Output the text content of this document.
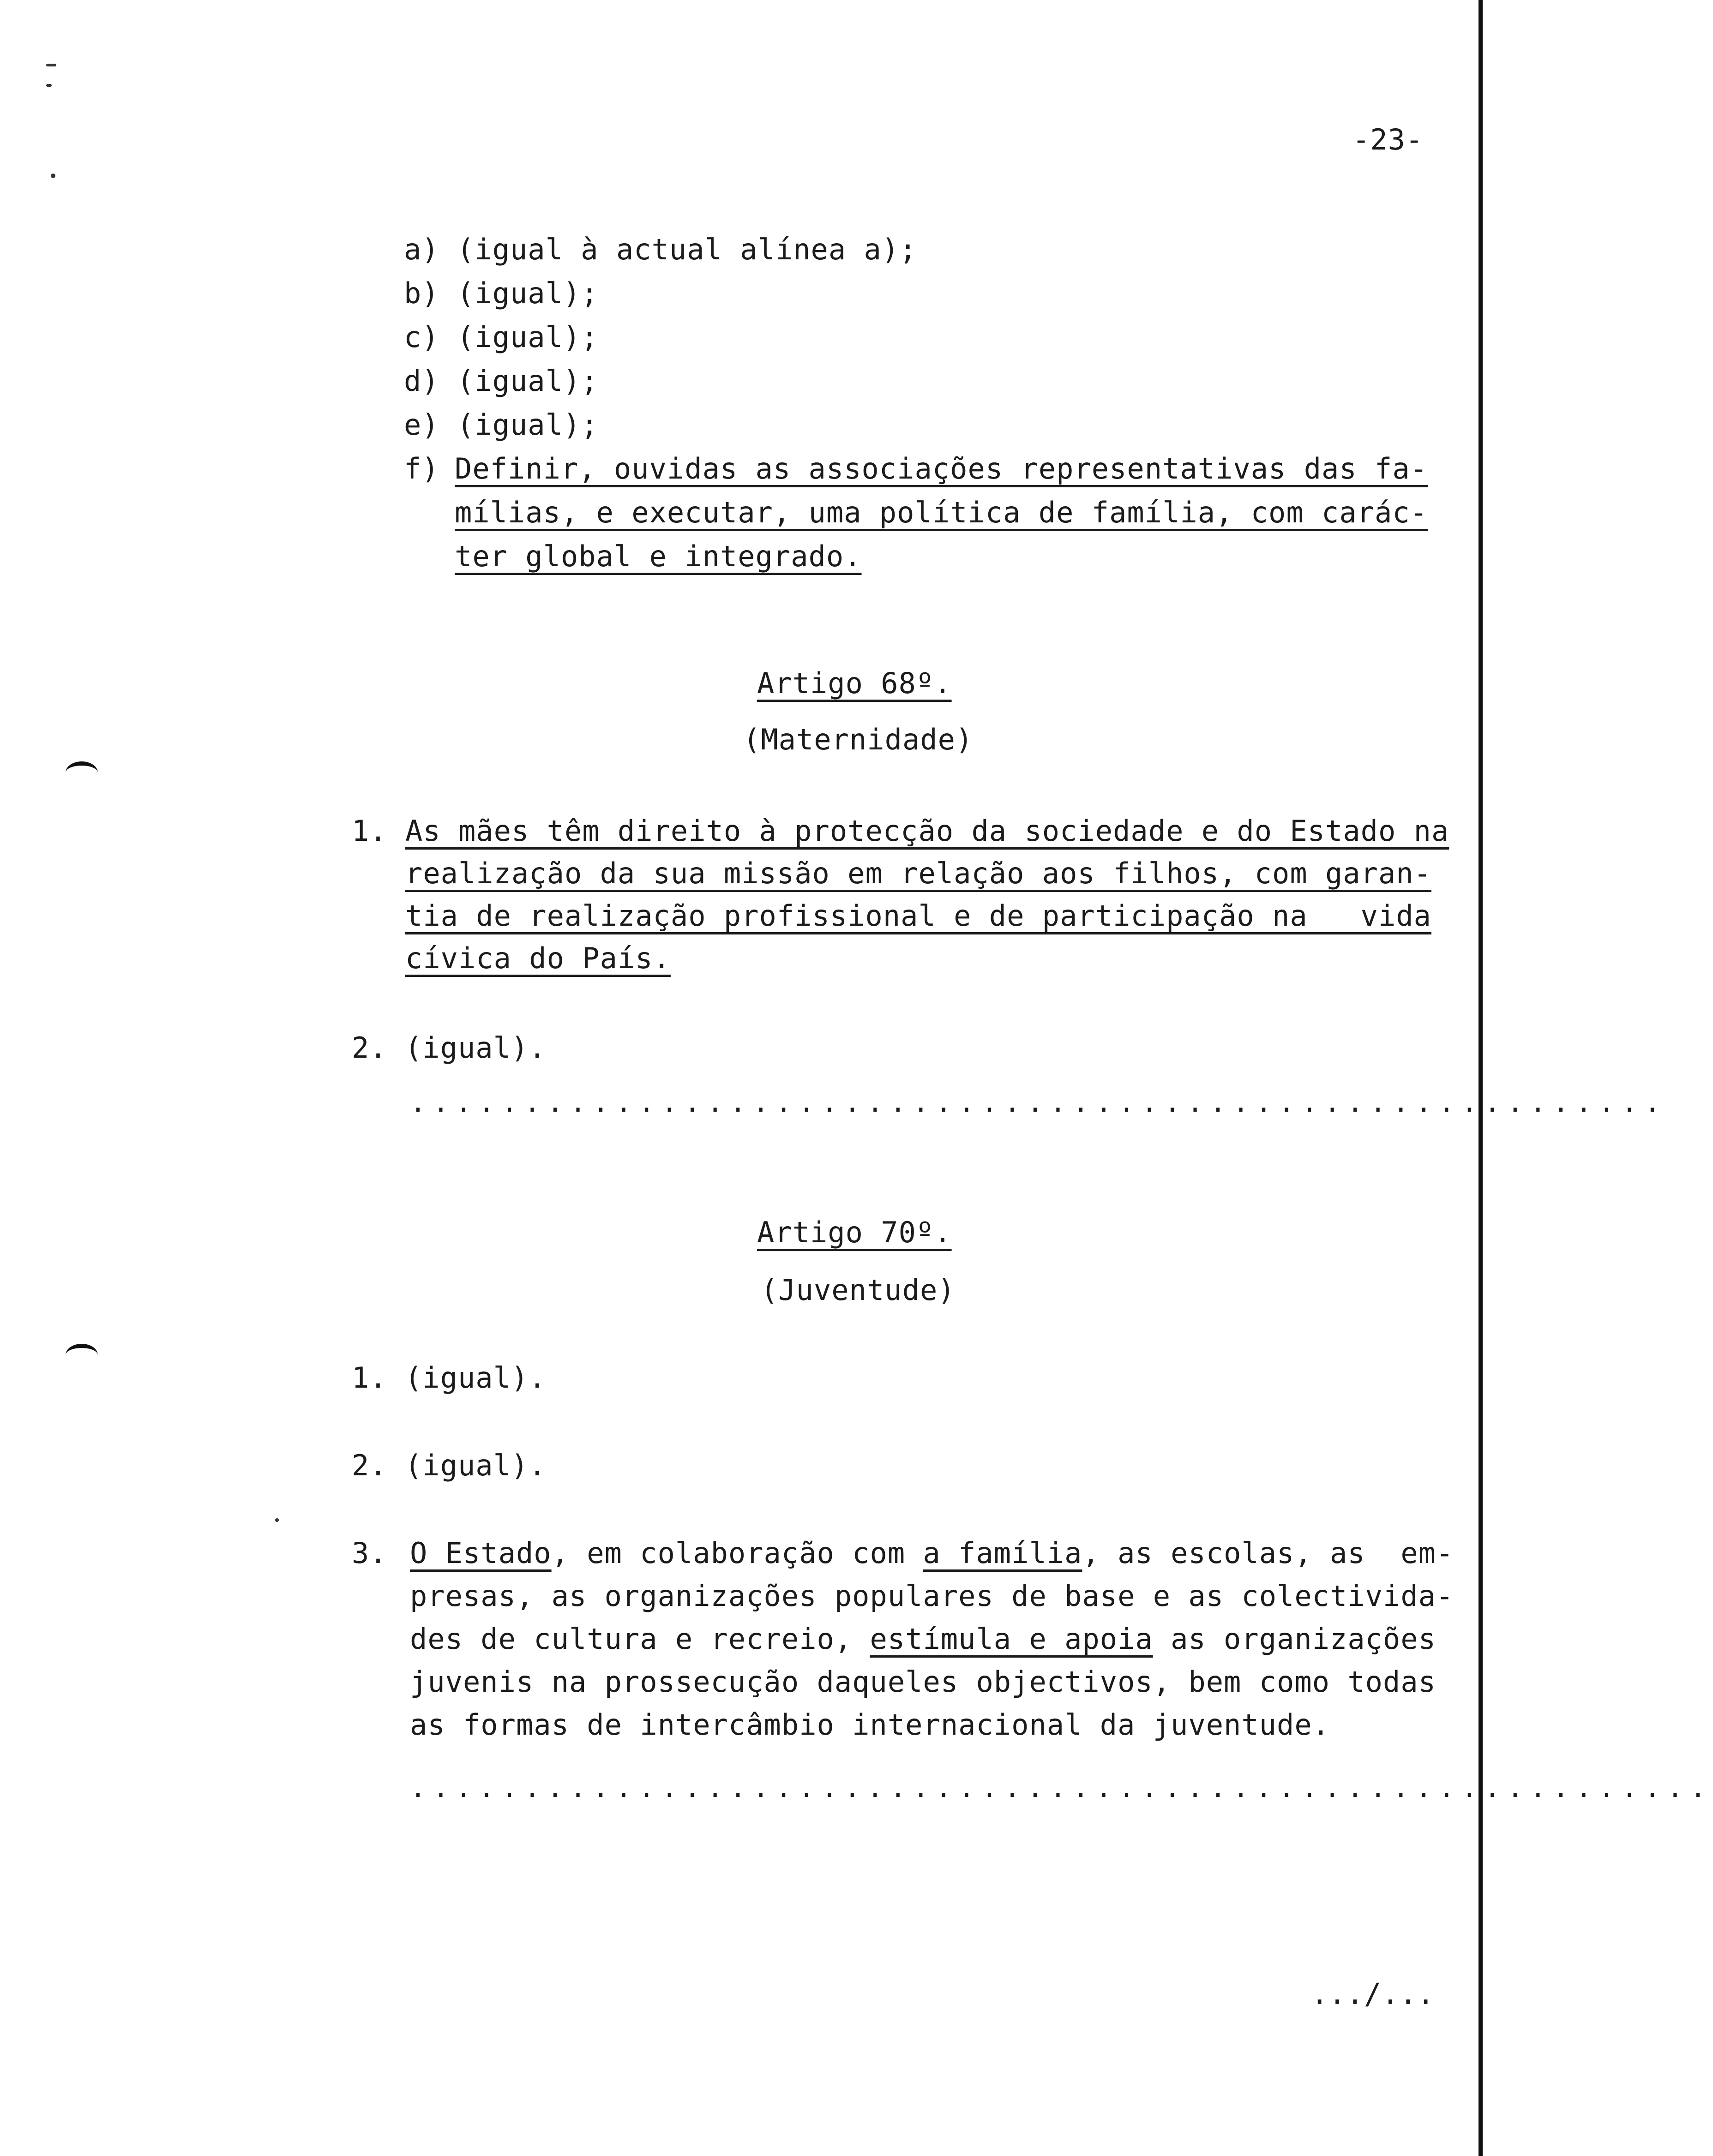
-23-
a) (igual à actual alínea a);
b) (igual);
c) (igual);
d) (igual);
e) (igual);
f) Definir, ouvidas as associações representativas das fa-
mílias, e executar, uma política de família, com carác-
ter global e integrado.
Artigo 68º.
(Maternidade)
1. As mães têm direito à protecção da sociedade e do Estado na
realização da sua missão em relação aos filhos, com garan-
tia de realização profissional e de participação na   vida
cívica do País.
2. (igual).
.......................................................
Artigo 70º.
(Juventude)
1. (igual).
2. (igual).
3. O Estado, em colaboração com a família, as escolas, as  em-
presas, as organizações populares de base e as colectivida-
des de cultura e recreio, estímula e apoia as organizações
juvenis na prossecução daqueles objectivos, bem como todas
as formas de intercâmbio internacional da juventude.
.........................................................
.../...
